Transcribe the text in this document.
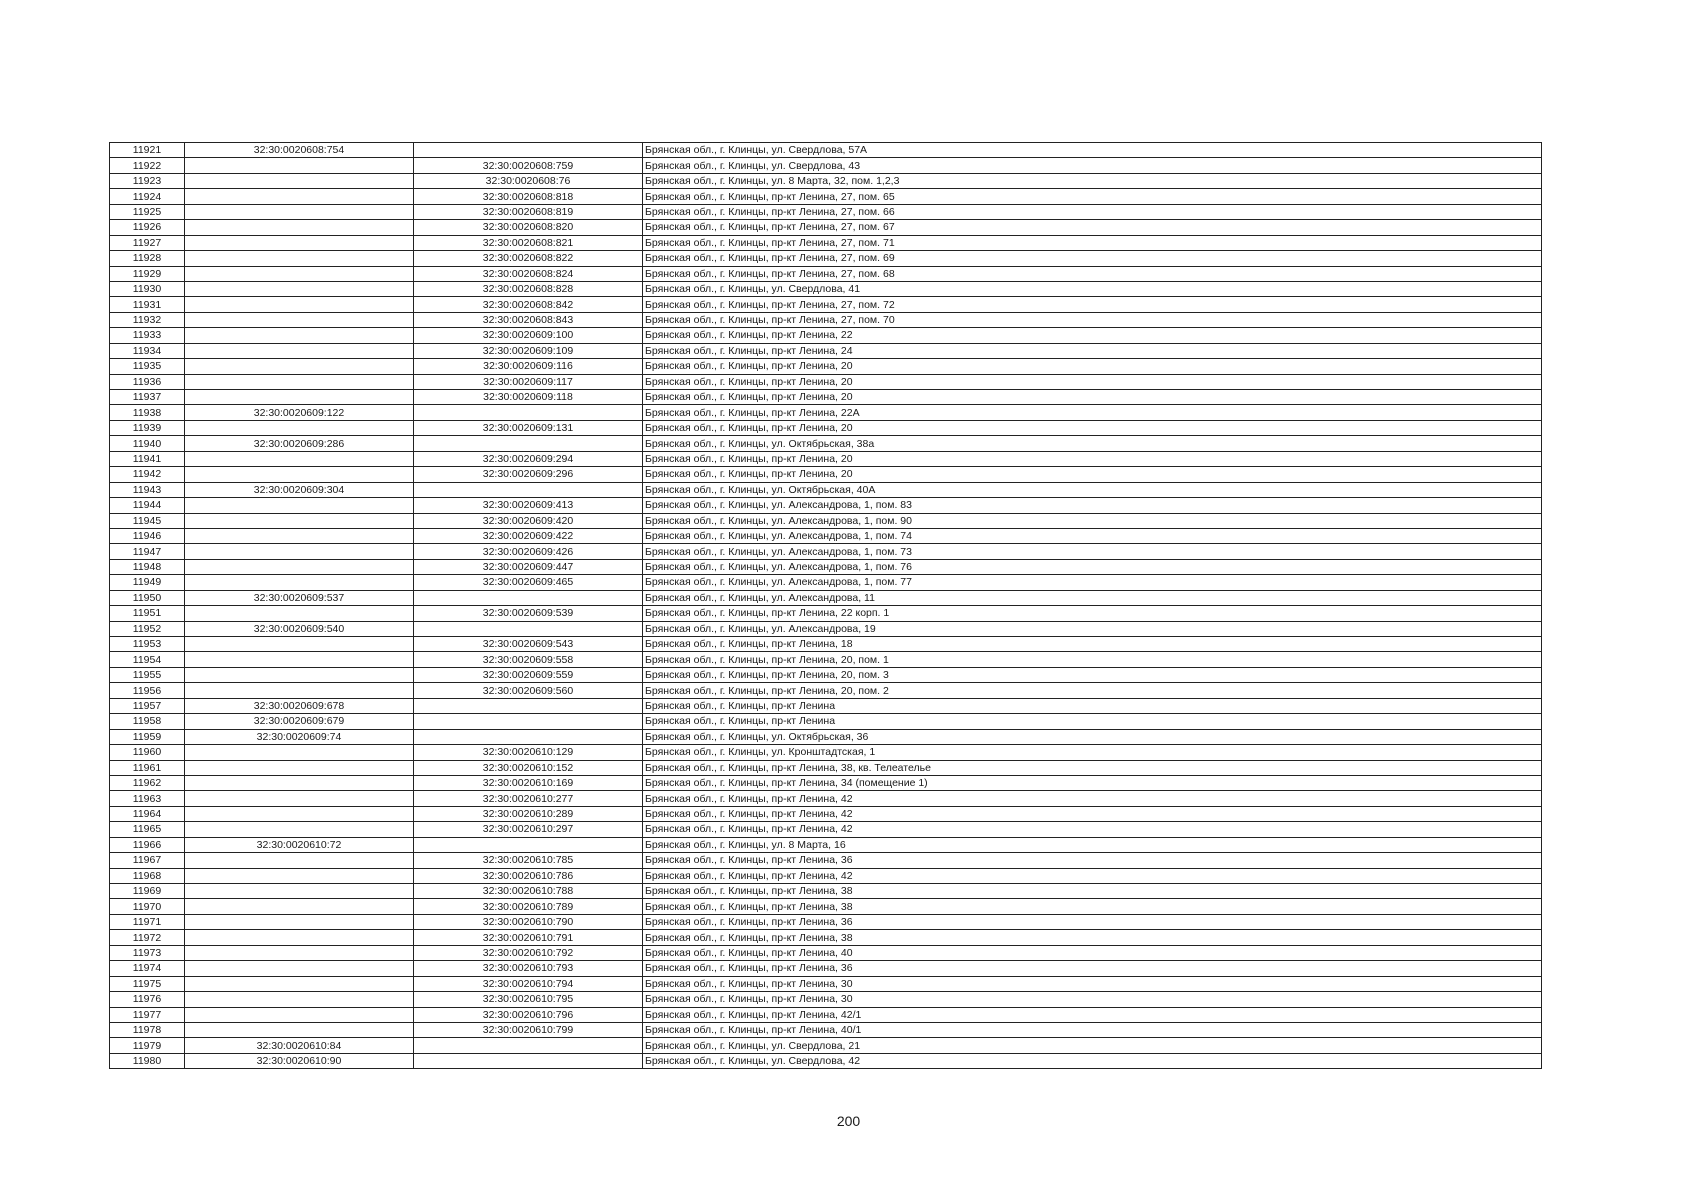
11921	32:30:0020608:754		Брянская обл., г. Клинцы, ул. Свердлова, 57А
11922		32:30:0020608:759	Брянская обл., г. Клинцы, ул. Свердлова, 43
11923		32:30:0020608:76	Брянская обл., г. Клинцы, ул. 8 Марта, 32, пом. 1,2,3
11924		32:30:0020608:818	Брянская обл., г. Клинцы, пр-кт Ленина, 27, пом. 65
11925		32:30:0020608:819	Брянская обл., г. Клинцы, пр-кт Ленина, 27, пом. 66
11926		32:30:0020608:820	Брянская обл., г. Клинцы, пр-кт Ленина, 27, пом. 67
11927		32:30:0020608:821	Брянская обл., г. Клинцы, пр-кт Ленина, 27, пом. 71
11928		32:30:0020608:822	Брянская обл., г. Клинцы, пр-кт Ленина, 27, пом. 69
11929		32:30:0020608:824	Брянская обл., г. Клинцы, пр-кт Ленина, 27, пом. 68
11930		32:30:0020608:828	Брянская обл., г. Клинцы, ул. Свердлова, 41
11931		32:30:0020608:842	Брянская обл., г. Клинцы, пр-кт Ленина, 27, пом. 72
11932		32:30:0020608:843	Брянская обл., г. Клинцы, пр-кт Ленина, 27, пом. 70
11933		32:30:0020609:100	Брянская обл., г. Клинцы, пр-кт Ленина, 22
11934		32:30:0020609:109	Брянская обл., г. Клинцы, пр-кт Ленина, 24
11935		32:30:0020609:116	Брянская обл., г. Клинцы, пр-кт Ленина, 20
11936		32:30:0020609:117	Брянская обл., г. Клинцы, пр-кт Ленина, 20
11937		32:30:0020609:118	Брянская обл., г. Клинцы, пр-кт Ленина, 20
11938	32:30:0020609:122		Брянская обл., г. Клинцы, пр-кт Ленина, 22А
11939		32:30:0020609:131	Брянская обл., г. Клинцы, пр-кт Ленина, 20
11940	32:30:0020609:286		Брянская обл., г. Клинцы, ул. Октябрьская, 38а
11941		32:30:0020609:294	Брянская обл., г. Клинцы, пр-кт Ленина, 20
11942		32:30:0020609:296	Брянская обл., г. Клинцы, пр-кт Ленина, 20
11943	32:30:0020609:304		Брянская обл., г. Клинцы, ул. Октябрьская, 40А
11944		32:30:0020609:413	Брянская обл., г. Клинцы, ул. Александрова, 1, пом. 83
11945		32:30:0020609:420	Брянская обл., г. Клинцы, ул. Александрова, 1, пом. 90
11946		32:30:0020609:422	Брянская обл., г. Клинцы, ул. Александрова, 1, пом. 74
11947		32:30:0020609:426	Брянская обл., г. Клинцы, ул. Александрова, 1, пом. 73
11948		32:30:0020609:447	Брянская обл., г. Клинцы, ул. Александрова, 1, пом. 76
11949		32:30:0020609:465	Брянская обл., г. Клинцы, ул. Александрова, 1, пом. 77
11950	32:30:0020609:537		Брянская обл., г. Клинцы, ул. Александрова, 11
11951		32:30:0020609:539	Брянская обл., г. Клинцы, пр-кт Ленина, 22 корп. 1
11952	32:30:0020609:540		Брянская обл., г. Клинцы, ул. Александрова, 19
11953		32:30:0020609:543	Брянская обл., г. Клинцы, пр-кт Ленина, 18
11954		32:30:0020609:558	Брянская обл., г. Клинцы, пр-кт Ленина, 20, пом. 1
11955		32:30:0020609:559	Брянская обл., г. Клинцы, пр-кт Ленина, 20, пом. 3
11956		32:30:0020609:560	Брянская обл., г. Клинцы, пр-кт Ленина, 20, пом. 2
11957	32:30:0020609:678		Брянская обл., г. Клинцы, пр-кт Ленина
11958	32:30:0020609:679		Брянская обл., г. Клинцы, пр-кт Ленина
11959	32:30:0020609:74		Брянская обл., г. Клинцы, ул. Октябрьская, 36
11960		32:30:0020610:129	Брянская обл., г. Клинцы, ул. Кронштадтская, 1
11961		32:30:0020610:152	Брянская обл., г. Клинцы, пр-кт Ленина, 38, кв. Телеателье
11962		32:30:0020610:169	Брянская обл., г. Клинцы, пр-кт Ленина, 34 (помещение 1)
11963		32:30:0020610:277	Брянская обл., г. Клинцы, пр-кт Ленина, 42
11964		32:30:0020610:289	Брянская обл., г. Клинцы, пр-кт Ленина, 42
11965		32:30:0020610:297	Брянская обл., г. Клинцы, пр-кт Ленина, 42
11966	32:30:0020610:72		Брянская обл., г. Клинцы, ул. 8 Марта, 16
11967		32:30:0020610:785	Брянская обл., г. Клинцы, пр-кт Ленина, 36
11968		32:30:0020610:786	Брянская обл., г. Клинцы, пр-кт Ленина, 42
11969		32:30:0020610:788	Брянская обл., г. Клинцы, пр-кт Ленина, 38
11970		32:30:0020610:789	Брянская обл., г. Клинцы, пр-кт Ленина, 38
11971		32:30:0020610:790	Брянская обл., г. Клинцы, пр-кт Ленина, 36
11972		32:30:0020610:791	Брянская обл., г. Клинцы, пр-кт Ленина, 38
11973		32:30:0020610:792	Брянская обл., г. Клинцы, пр-кт Ленина, 40
11974		32:30:0020610:793	Брянская обл., г. Клинцы, пр-кт Ленина, 36
11975		32:30:0020610:794	Брянская обл., г. Клинцы, пр-кт Ленина, 30
11976		32:30:0020610:795	Брянская обл., г. Клинцы, пр-кт Ленина, 30
11977		32:30:0020610:796	Брянская обл., г. Клинцы, пр-кт Ленина, 42/1
11978		32:30:0020610:799	Брянская обл., г. Клинцы, пр-кт Ленина, 40/1
11979	32:30:0020610:84		Брянская обл., г. Клинцы, ул. Свердлова, 21
11980	32:30:0020610:90		Брянская обл., г. Клинцы, ул. Свердлова, 42
200
